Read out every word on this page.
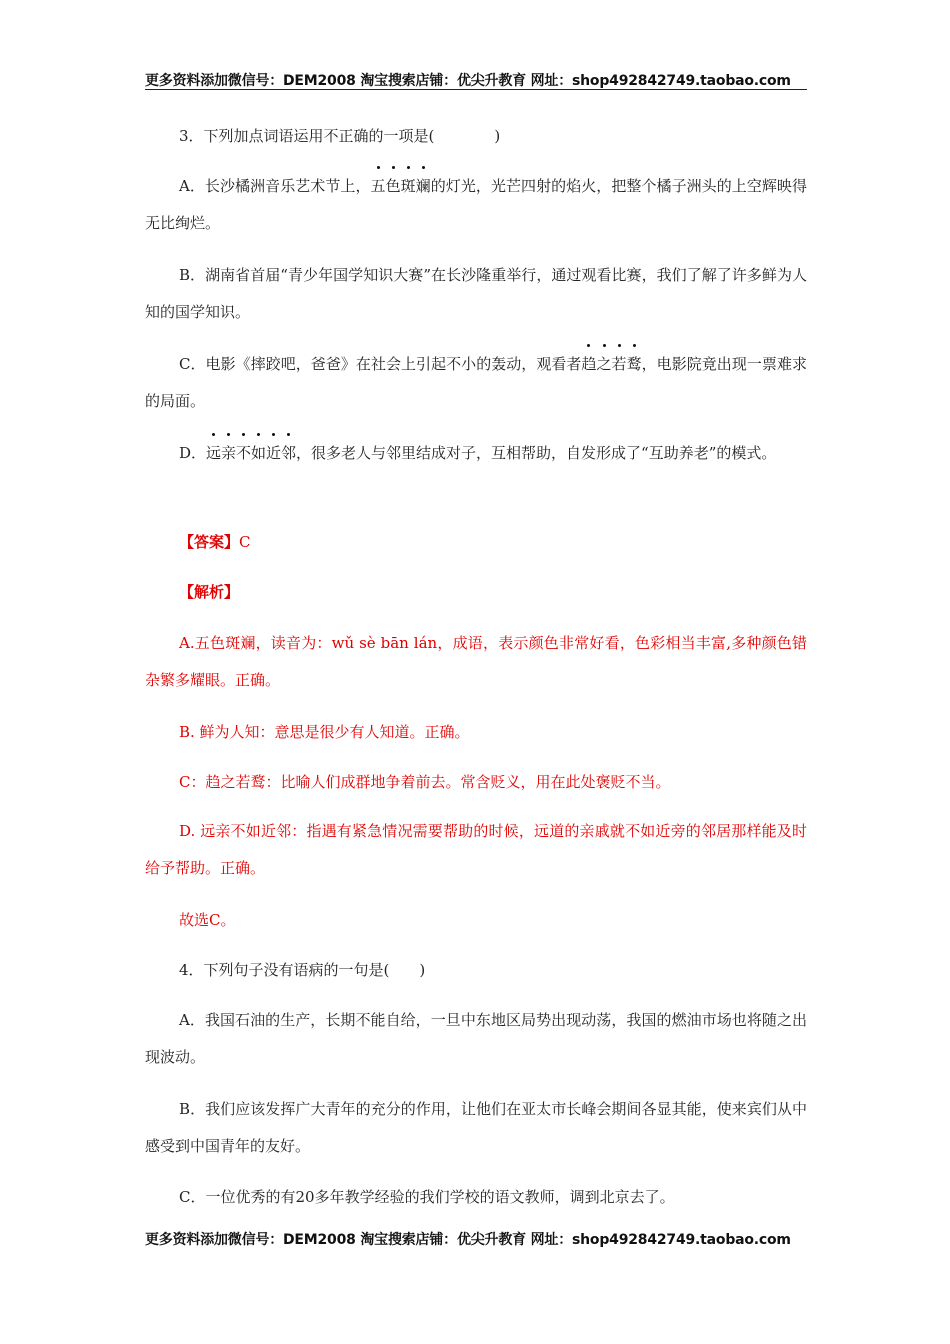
更多资料添加微信号：DEM2008 淘宝搜索店铺：优尖升教育 网址：shop492842749.taobao.com

3．下列加点词语运用不正确的一项是(　　　　)

A．长沙橘洲音乐艺术节上，
五色斑斓的灯光，光芒四射的焰火，把整个橘子洲头的上空辉映得无比绚烂。

B．湖南省首届“青少年国学知识大赛”在长沙隆重举行，通过观看比赛，我们了解了许多
鲜为人知的国学知识。

C．电影《摔跤吧，爸爸》在社会上引起不小的轰动，观看者
趋之若鹜，电影院竟出现一票难求的局面。

D．
远亲不如近邻，很多老人与邻里结成对子，互相帮助，自发形成了“互助养老”的模式。

【答案】C

【解析】

A.五色斑斓，读音为：wǔ sè bān lán，成语，表示颜色非常好看，色彩相当丰富,多种颜色错杂繁多耀眼。正确。

B. 鲜为人知：意思是很少有人知道。正确。

C：趋之若鹜：比喻人们成群地争着前去。常含贬义，用在此处褒贬不当。

D. 远亲不如近邻：指遇有紧急情况需要帮助的时候，远道的亲戚就不如近旁的邻居那样能及时给予帮助。正确。

故选C。

4．下列句子没有语病的一句是(　　)

A．我国石油的生产，长期不能自给，一旦中东地区局势出现动荡，我国的燃油市场也将随之出现波动。

B．我们应该发挥广大青年的充分的作用，让他们在亚太市长峰会期间各显其能，使来宾们从中感受到中国青年的友好。

C．一位优秀的有20多年教学经验的我们学校的语文教师，调到北京去了。

更多资料添加微信号：DEM2008 淘宝搜索店铺：优尖升教育 网址：shop492842749.taobao.com
